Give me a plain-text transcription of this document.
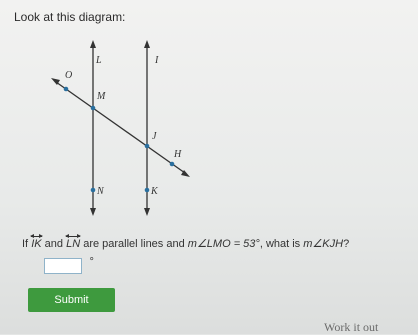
Look at this diagram:
L	I
O
M
J
H
N	K
If IK and LN are parallel lines and m∠LMO = 53°, what is m∠KJH?
°
Submit
Work it out
